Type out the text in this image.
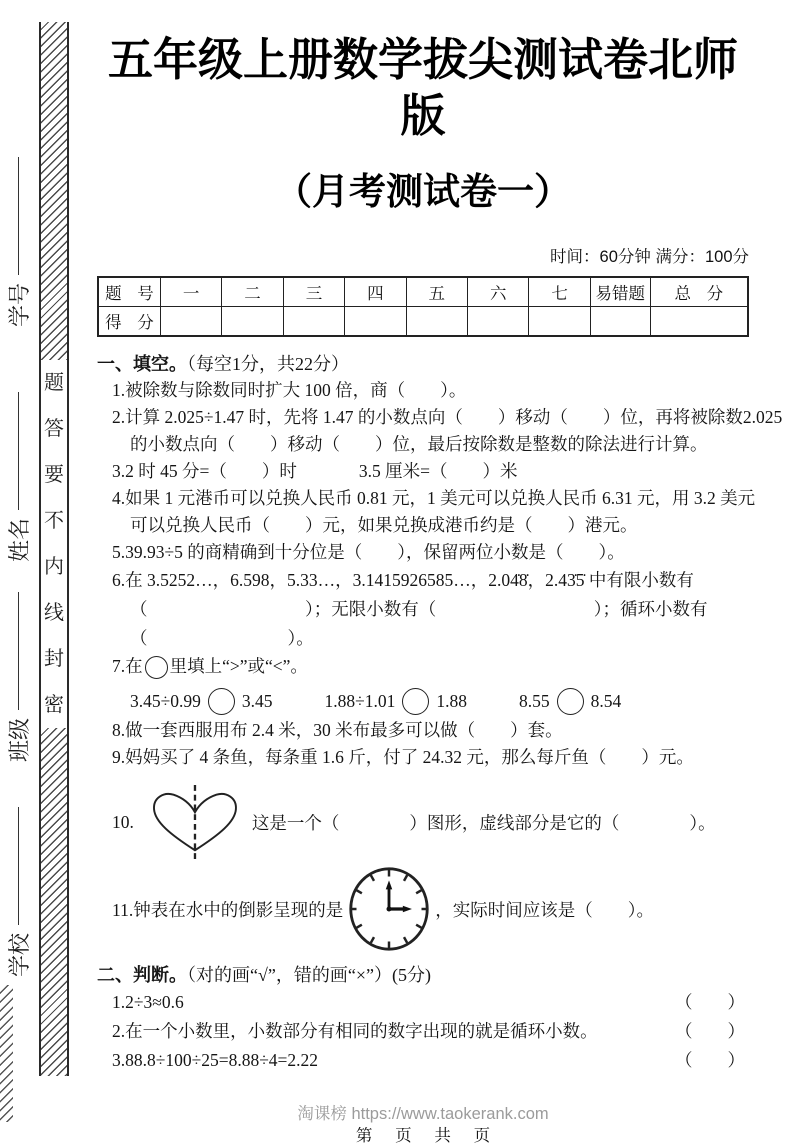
题
答
要
不
内
线
封
密
学号
姓名
班级
学校
五年级上册数学拔尖测试卷北师版
（月考测试卷一）
时间：60分钟 满分：100分
题 号	一	二	三	四	五	六	七	易错题	总 分
得 分									
一、填空。（每空1分，共22分）
1.被除数与除数同时扩大 100 倍，商（　　）。
2.计算 2.025÷1.47 时，先将 1.47 的小数点向（　　）移动（　　）位，再将被除数2.025
的小数点向（　　）移动（　　）位，最后按除数是整数的除法进行计算。
3.2 时 45 分=（　　）时	3.5 厘米=（　　）米
4.如果 1 元港币可以兑换人民币 0.81 元，1 美元可以兑换人民币 6.31 元，用 3.2 美元
可以兑换人民币（　　）元，如果兑换成港币约是（　　）港元。
5.39.93÷5 的商精确到十分位是（　　），保留两位小数是（　　）。
6.在 3.5252…，6.598，5.33…，3.1415926585…，2.04̇8̇，2.43̇5̇ 中有限小数有
（　　　　　　　　　）；无限小数有（　　　　　　　　　）；循环小数有
（　　　　　　　　）。
7.在 里填上“>”或“<”。
3.45÷0.99 3.45	1.88÷1.01 1.88	8.55 8.54
8.做一套西服用布 2.4 米，30 米布最多可以做（　　）套。
9.妈妈买了 4 条鱼，每条重 1.6 斤，付了 24.32 元，那么每斤鱼（　　）元。
10.	这是一个（　　　　）图形，虚线部分是它的（　　　　）。
11.钟表在水中的倒影呈现的是	，实际时间应该是（　　）。
二、判断。（对的画“√”，错的画“×”）(5分)
1.2÷3≈0.6	（　　）
2.在一个小数里，小数部分有相同的数字出现的就是循环小数。	（　　）
3.88.8÷100÷25=8.88÷4=2.22	（　　）
淘课榜 https://www.taokerank.com
第 页 共 页
